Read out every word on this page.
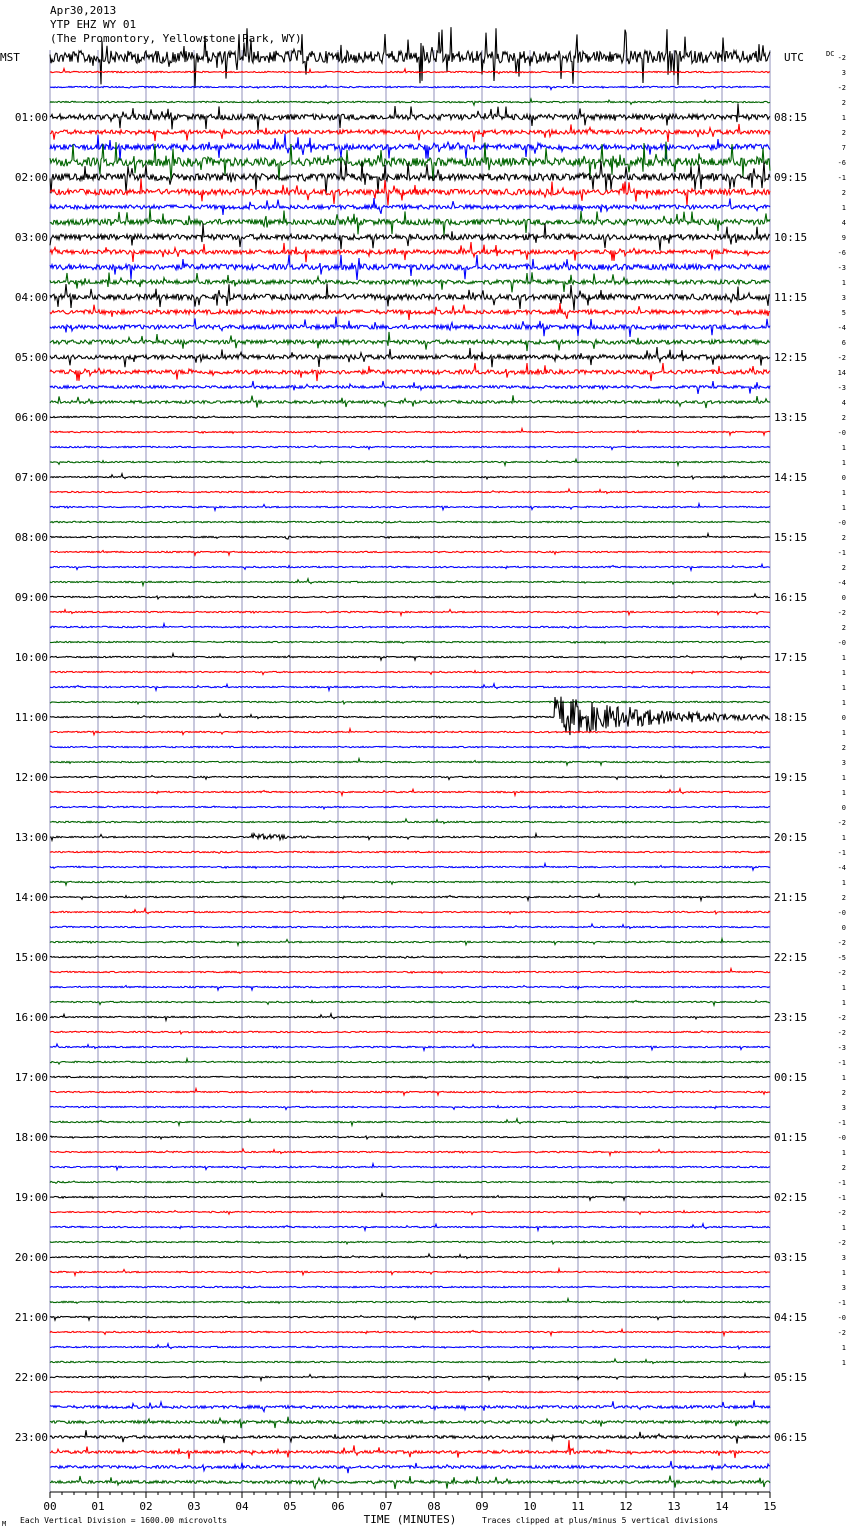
Apr30,2013
YTP EHZ WY 01
(The Promontory, Yellowstone Park, WY)
00	01	02	03	04	05	06	07	08	09	10	11	12	13	14	15
TIME (MINUTES)
MST	UTC
01:00
02:00
03:00
04:00
05:00
06:00
07:00
08:00
09:00
10:00
11:00
12:00
13:00
14:00
15:00
16:00
17:00
18:00
19:00
20:00
21:00
22:00
23:00
08:15
09:15
10:15
11:15
12:15
13:15
14:15
15:15
16:15
17:15
18:15
19:15
20:15
21:15
22:15
23:15
00:15
01:15
02:15
03:15
04:15
05:15
06:15
-2
3
-2
2
1
2
7
-6
-1
2
1
4
9
-6
-3
1
3
5
-4
6
-2
14
-3
4
2
-0
1
1
0
1
1
-0
2
-1
2
-4
0
-2
2
-0
1
1
1
1
0
1
2
3
1
1
0
-2
1
-1
-4
1
2
-0
0
-2
-5
-2
1
1
-2
-2
-3
-1
1
2
3
-1
-0
1
2
-1
-1
-2
1
-2
3
1
3
-1
-0
-2
1
1
DC
M Each Vertical Division = 1600.00 microvolts	Traces clipped at plus/minus 5 vertical divisions
